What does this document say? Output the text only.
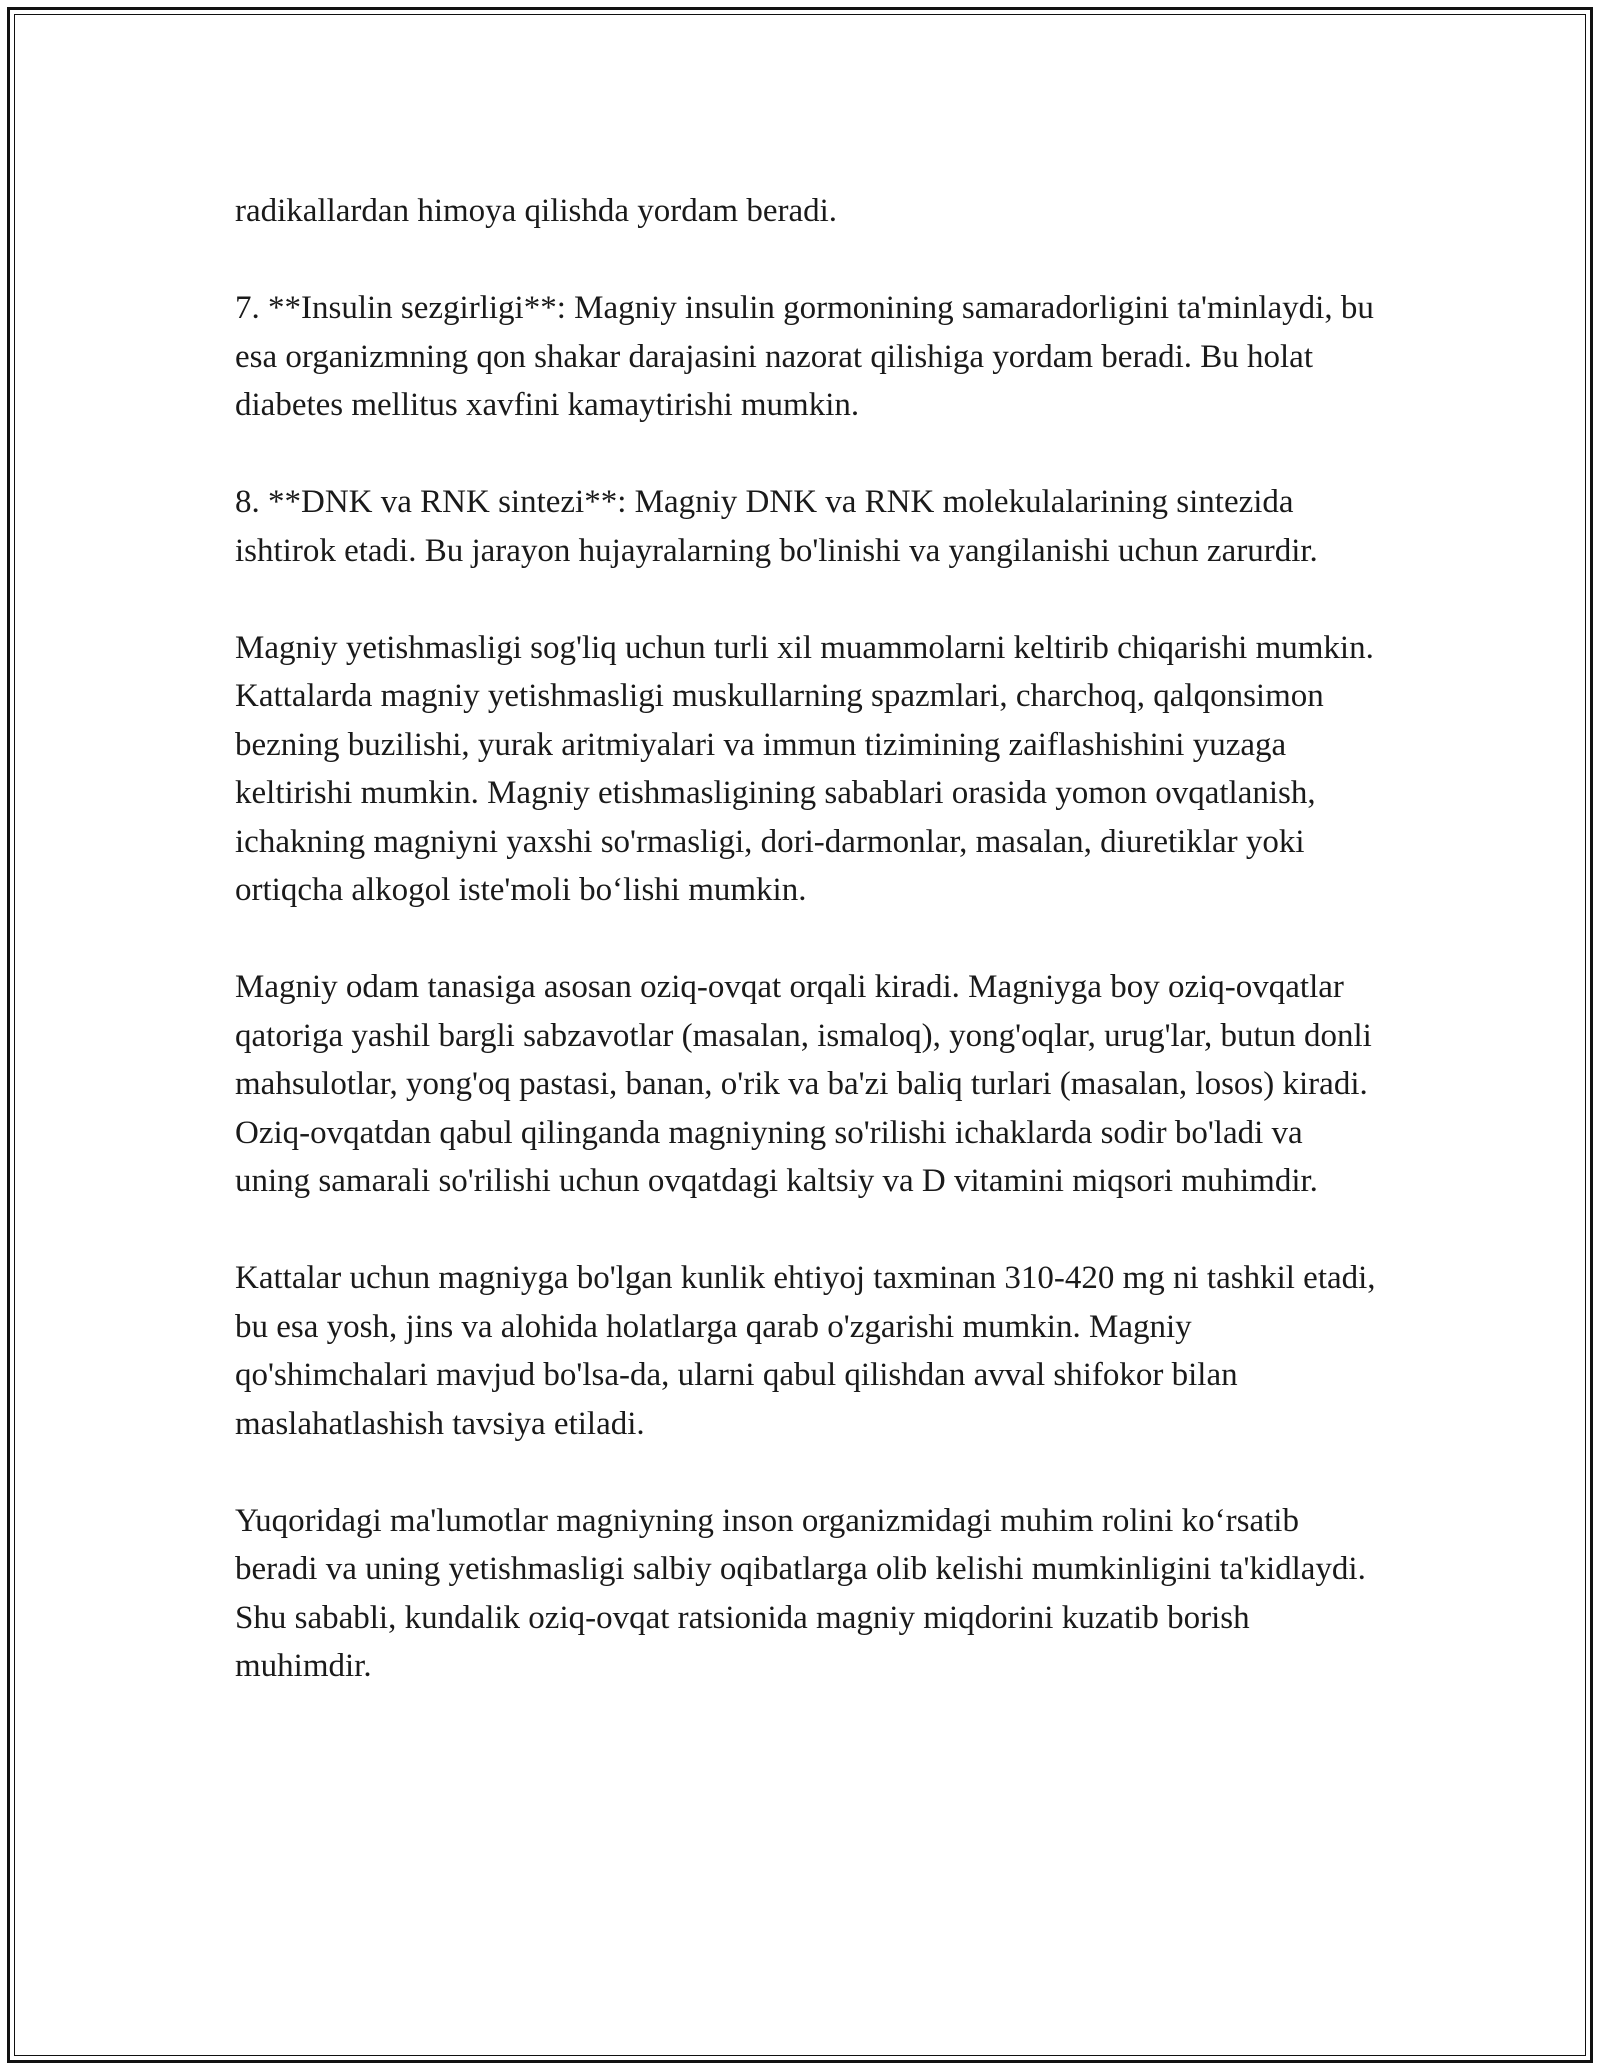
radikallardan himoya qilishda yordam beradi.

7. **Insulin sezgirligi**: Magniy insulin gormonining samaradorligini ta'minlaydi, bu esa organizmning qon shakar darajasini nazorat qilishiga yordam beradi. Bu holat diabetes mellitus xavfini kamaytirishi mumkin.

8. **DNK va RNK sintezi**: Magniy DNK va RNK molekulalarining sintezida ishtirok etadi. Bu jarayon hujayralarning bo'linishi va yangilanishi uchun zarurdir.

Magniy yetishmasligi sog'liq uchun turli xil muammolarni keltirib chiqarishi mumkin. Kattalarda magniy yetishmasligi muskullarning spazmlari, charchoq, qalqonsimon bezning buzilishi, yurak aritmiyalari va immun tizimining zaiflashishini yuzaga keltirishi mumkin. Magniy etishmasligining sabablari orasida yomon ovqatlanish, ichakning magniyni yaxshi so'rmasligi, dori-darmonlar, masalan, diuretiklar yoki ortiqcha alkogol iste'moli bo‘lishi mumkin.

Magniy odam tanasiga asosan oziq-ovqat orqali kiradi. Magniyga boy oziq-ovqatlar qatoriga yashil bargli sabzavotlar (masalan, ismaloq), yong'oqlar, urug'lar, butun donli mahsulotlar, yong'oq pastasi, banan, o'rik va ba'zi baliq turlari (masalan, losos) kiradi. Oziq-ovqatdan qabul qilinganda magniyning so'rilishi ichaklarda sodir bo'ladi va uning samarali so'rilishi uchun ovqatdagi kaltsiy va D vitamini miqsori muhimdir.

Kattalar uchun magniyga bo'lgan kunlik ehtiyoj taxminan 310-420 mg ni tashkil etadi, bu esa yosh, jins va alohida holatlarga qarab o'zgarishi mumkin. Magniy qo'shimchalari mavjud bo'lsa-da, ularni qabul qilishdan avval shifokor bilan maslahatlashish tavsiya etiladi.

Yuqoridagi ma'lumotlar magniyning inson organizmidagi muhim rolini ko‘rsatib beradi va uning yetishmasligi salbiy oqibatlarga olib kelishi mumkinligini ta'kidlaydi. Shu sababli, kundalik oziq-ovqat ratsionida magniy miqdorini kuzatib borish muhimdir.
